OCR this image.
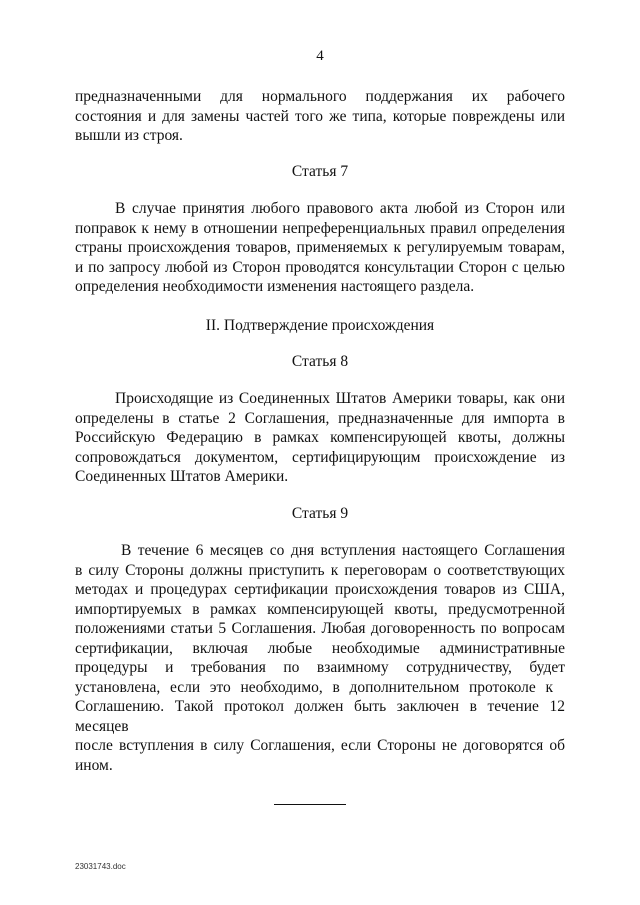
4
предназначенными для нормального поддержания их рабочего
состояния и для замены частей того же типа, которые повреждены или
вышли из строя.
Статья 7
В случае принятия любого правового акта любой из Сторон или
поправок к нему в отношении непреференциальных правил определения
страны происхождения товаров, применяемых к регулируемым товарам,
и по запросу любой из Сторон проводятся консультации Сторон с целью
определения необходимости изменения настоящего раздела.
II. Подтверждение происхождения
Статья 8
Происходящие из Соединенных Штатов Америки товары, как они
определены в статье 2 Соглашения, предназначенные для импорта в
Российскую Федерацию в рамках компенсирующей квоты, должны
сопровождаться документом, сертифицирующим происхождение из
Соединенных Штатов Америки.
Статья 9
В течение 6 месяцев со дня вступления настоящего Соглашения
в силу Стороны должны приступить к переговорам о соответствующих
методах и процедурах сертификации происхождения товаров из США,
импортируемых в рамках компенсирующей квоты, предусмотренной
положениями статьи 5 Соглашения. Любая договоренность по вопросам
сертификации, включая любые необходимые административные
процедуры и требования по взаимному сотрудничеству, будет
установлена, если это необходимо, в дополнительном протоколе к
Соглашению. Такой протокол должен быть заключен в течение 12 месяцев
после вступления в силу Соглашения, если Стороны не договорятся об
ином.
23031743.doc
